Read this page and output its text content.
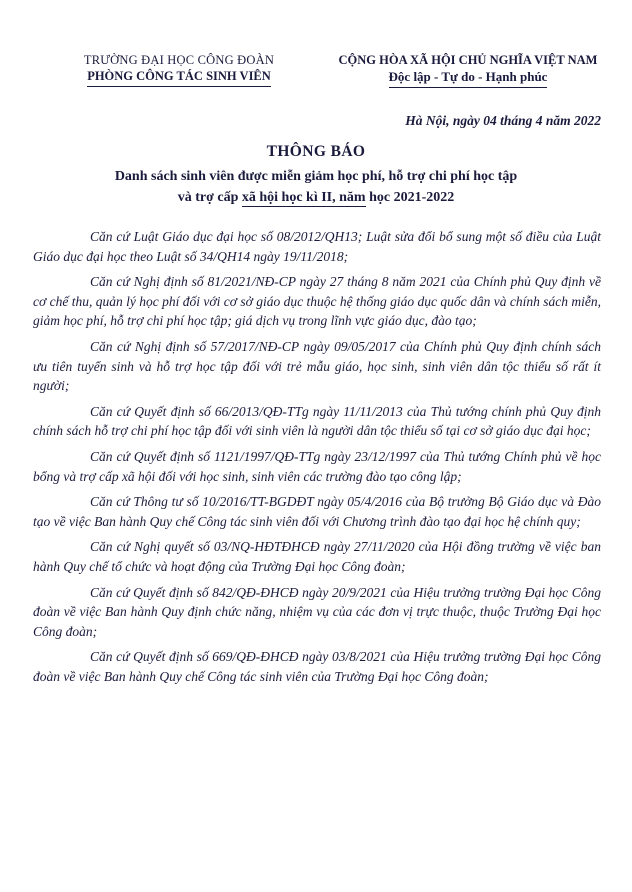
TRƯỜNG ĐẠI HỌC CÔNG ĐOÀN
PHÒNG CÔNG TÁC SINH VIÊN
CỘNG HÒA XÃ HỘI CHỦ NGHĨA VIỆT NAM
Độc lập - Tự do - Hạnh phúc
Hà Nội, ngày 04 tháng 4 năm 2022
THÔNG BÁO
Danh sách sinh viên được miễn giảm học phí, hỗ trợ chi phí học tập
và trợ cấp xã hội học kì II, năm học 2021-2022

Căn cứ Luật Giáo dục đại học số 08/2012/QH13; Luật sửa đổi bổ sung một số điều của Luật Giáo dục đại học theo Luật số 34/QH14 ngày 19/11/2018;

Căn cứ Nghị định số 81/2021/NĐ-CP ngày 27 tháng 8 năm 2021 của Chính phủ Quy định về cơ chế thu, quản lý học phí đối với cơ sở giáo dục thuộc hệ thống giáo dục quốc dân và chính sách miễn, giảm học phí, hỗ trợ chi phí học tập; giá dịch vụ trong lĩnh vực giáo dục, đào tạo;

Căn cứ Nghị định số 57/2017/NĐ-CP ngày 09/05/2017 của Chính phủ Quy định chính sách ưu tiên tuyển sinh và hỗ trợ học tập đối với trẻ mẫu giáo, học sinh, sinh viên dân tộc thiểu số rất ít người;

Căn cứ Quyết định số 66/2013/QĐ-TTg ngày 11/11/2013 của Thủ tướng chính phủ Quy định chính sách hỗ trợ chi phí học tập đối với sinh viên là người dân tộc thiểu số tại cơ sở giáo dục đại học;

Căn cứ Quyết định số 1121/1997/QĐ-TTg ngày 23/12/1997 của Thủ tướng Chính phủ về học bổng và trợ cấp xã hội đối với học sinh, sinh viên các trường đào tạo công lập;

Căn cứ Thông tư số 10/2016/TT-BGDĐT ngày 05/4/2016 của Bộ trưởng Bộ Giáo dục và Đào tạo về việc Ban hành Quy chế Công tác sinh viên đối với Chương trình đào tạo đại học hệ chính quy;

Căn cứ Nghị quyết số 03/NQ-HĐTĐHCĐ ngày 27/11/2020 của Hội đồng trường về việc ban hành Quy chế tổ chức và hoạt động của Trường Đại học Công đoàn;

Căn cứ Quyết định số 842/QĐ-ĐHCĐ ngày 20/9/2021 của Hiệu trưởng trường Đại học Công đoàn về việc Ban hành Quy định chức năng, nhiệm vụ của các đơn vị trực thuộc, thuộc Trường Đại học Công đoàn;

Căn cứ Quyết định số 669/QĐ-ĐHCĐ ngày 03/8/2021 của Hiệu trưởng trường Đại học Công đoàn về việc Ban hành Quy chế Công tác sinh viên của Trường Đại học Công đoàn;
